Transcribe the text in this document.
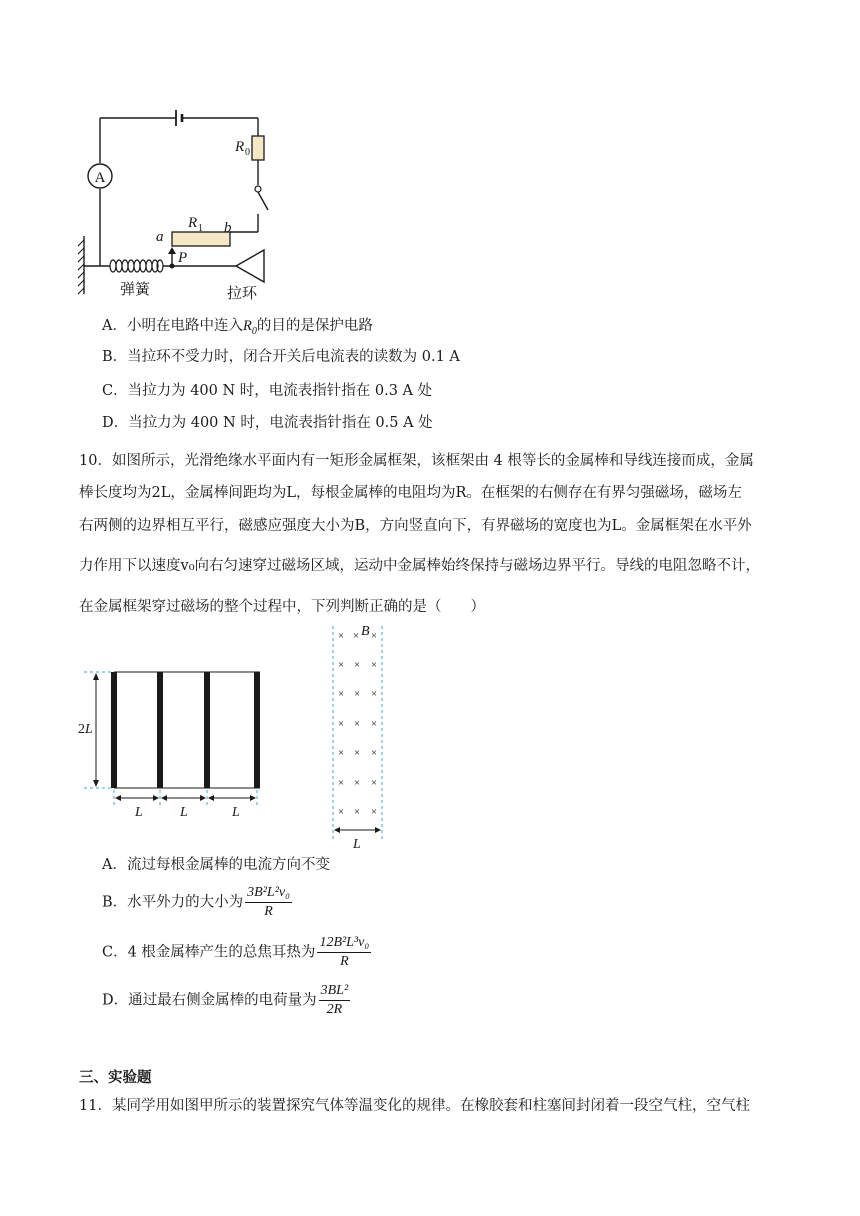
A
R 0
R 1
a
b
P
弹簧	拉环
A．小明在电路中连入$R_0$的目的是保护电路
B．当拉环不受力时，闭合开关后电流表的读数为 0.1 A
C．当拉力为 400 N 时，电流表指针指在 0.3 A 处
D．当拉力为 400 N 时，电流表指针指在 0.5 A 处
10．如图所示，光滑绝缘水平面内有一矩形金属框架，该框架由 4 根等长的金属棒和导线连接而成，金属
棒长度均为2L，金属棒间距均为L，每根金属棒的电阻均为R。在框架的右侧存在有界匀强磁场，磁场左
右两侧的边界相互平行，磁感应强度大小为B，方向竖直向下，有界磁场的宽度也为L。金属框架在水平外
力作用下以速度v₀向右匀速穿过磁场区域，运动中金属棒始终保持与磁场边界平行。导线的电阻忽略不计，
在金属框架穿过磁场的整个过程中，下列判断正确的是（　　）
2L
L	L	L
× × ×
× × ×
× × ×
× × ×
× × ×
× × ×
× × ×
B
L
A．流过每根金属棒的电流方向不变
B．水平外力的大小为 $\frac{\text{3B²L²v₀}}{R}$
C．4 根金属棒产生的总焦耳热为 $\frac{\text{12B²L³v₀}}{R}$
D．通过最右侧金属棒的电荷量为 $\frac{\text{3BL²}}{2R}$
三、实验题
11．某同学用如图甲所示的装置探究气体等温变化的规律。在橡胶套和柱塞间封闭着一段空气柱，空气柱
